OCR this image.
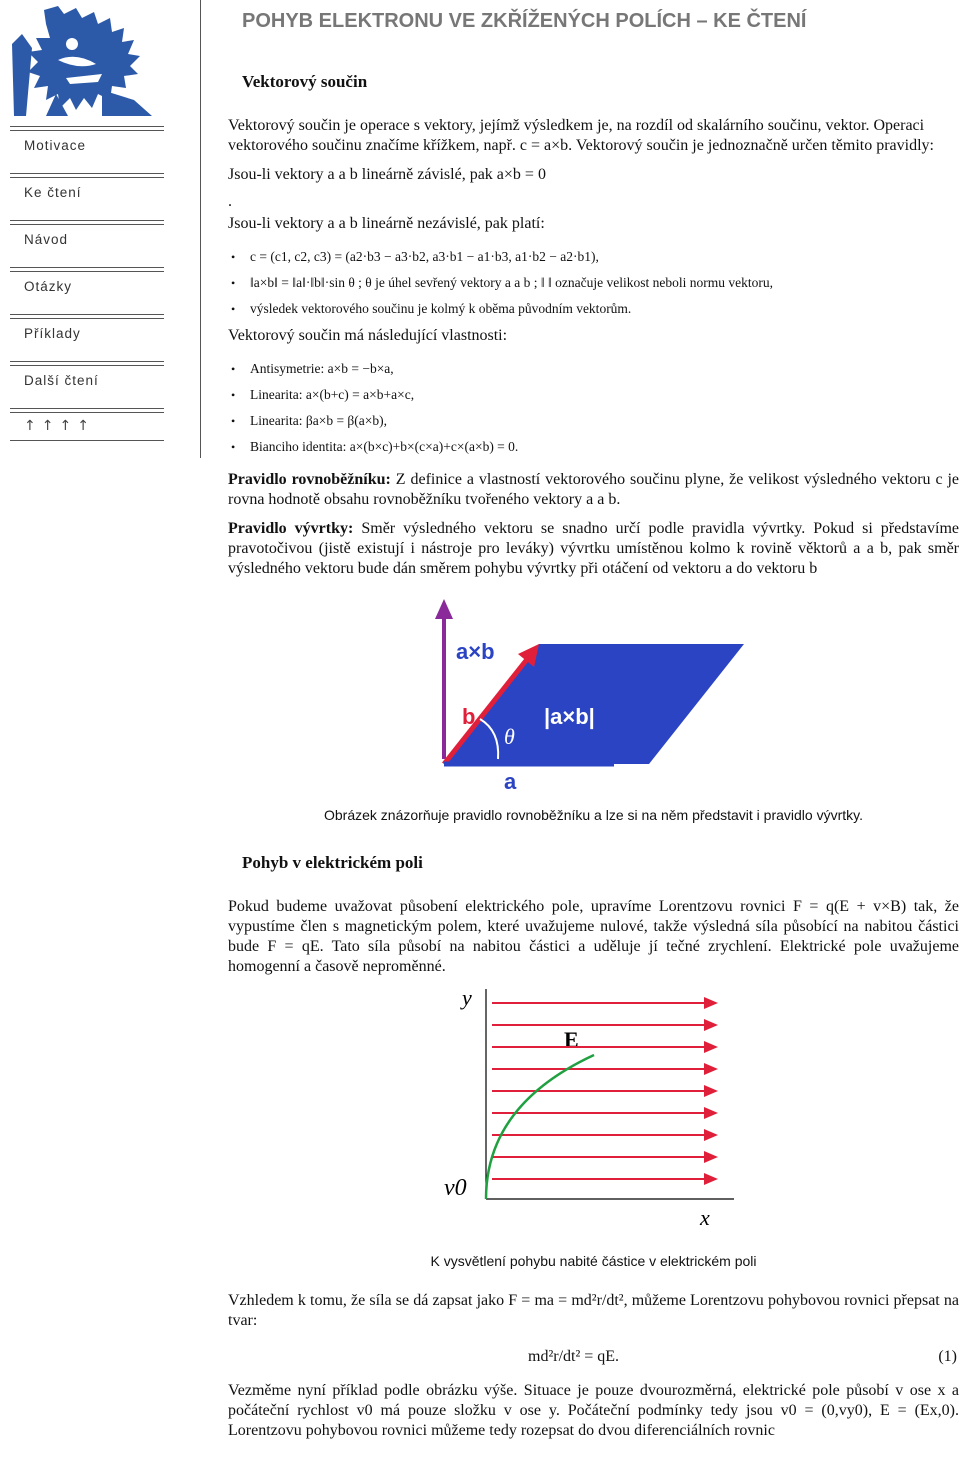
Motivace
Ke čtení
Návod
Otázky
Příklady
Další čtení
↑↑↑↑
POHYB ELEKTRONU VE ZKŘÍŽENÝCH POLÍCH – KE ČTENÍ
Vektorový součin

Vektorový součin je operace s vektory, jejímž výsledkem je, na rozdíl od skalárního součinu, vektor. Operaci vektorového součinu značíme křížkem, např. c = a×b. Vektorový součin je jednoznačně určen těmito pravidly:

Jsou-li vektory a a b lineárně závislé, pak a×b = 0

.

Jsou-li vektory a a b lineárně nezávislé, pak platí:

• c = (c1, c2, c3) = (a2·b3 − a3·b2, a3·b1 − a1·b3, a1·b2 − a2·b1),
• ‖a×b‖ = ‖a‖·‖b‖·sin θ ; θ je úhel sevřený vektory a a b ; ‖ ‖ označuje velikost neboli normu vektoru,
• výsledek vektorového součinu je kolmý k oběma původním vektorům.

Vektorový součin má následující vlastnosti:

• Antisymetrie: a×b = −b×a,
• Linearita: a×(b+c) = a×b+a×c,
• Linearita: βa×b = β(a×b),
• Bianciho identita: a×(b×c)+b×(c×a)+c×(a×b) = 0.

Pravidlo rovnoběžníku: Z definice a vlastností vektorového součinu plyne, že velikost výsledného vektoru c je rovna hodnotě obsahu rovnoběžníku tvořeného vektory a a b.

Pravidlo vývrtky: Směr výsledného vektoru se snadno určí podle pravidla vývrtky. Pokud si představíme pravotočivou (jistě existují i nástroje pro leváky) vývrtku umístěnou kolmo k rovině věktorů a a b, pak směr výsledného vektoru bude dán směrem pohybu vývrtky při otáčení od vektoru a do vektoru b

a×b
b
θ
|a×b|
a

Obrázek znázorňuje pravidlo rovnoběžníku a lze si na něm představit i pravidlo vývrtky.

Pohyb v elektrickém poli

Pokud budeme uvažovat působení elektrického pole, upravíme Lorentzovu rovnici F = q(E + v×B) tak, že vypustíme člen s magnetickým polem, které uvažujeme nulové, takže výsledná síla působící na nabitou částici bude F = qE. Tato síla působí na nabitou částici a uděluje jí tečné zrychlení. Elektrické pole uvažujeme homogenní a časově neproměnné.

y
x
v0
E

K vysvětlení pohybu nabité částice v elektrickém poli

Vzhledem k tomu, že síla se dá zapsat jako F = ma = md²r/dt², můžeme Lorentzovu pohybovou rovnici přepsat na tvar:

md²r/dt² = qE.	(1)

Vezměme nyní příklad podle obrázku výše. Situace je pouze dvourozměrná, elektrické pole působí v ose x a počáteční rychlost v0 má pouze složku v ose y. Počáteční podmínky tedy jsou v0 = (0,vy0), E = (Ex,0). Lorentzovu pohybovou rovnici můžeme tedy rozepsat do dvou diferenciálních rovnic
